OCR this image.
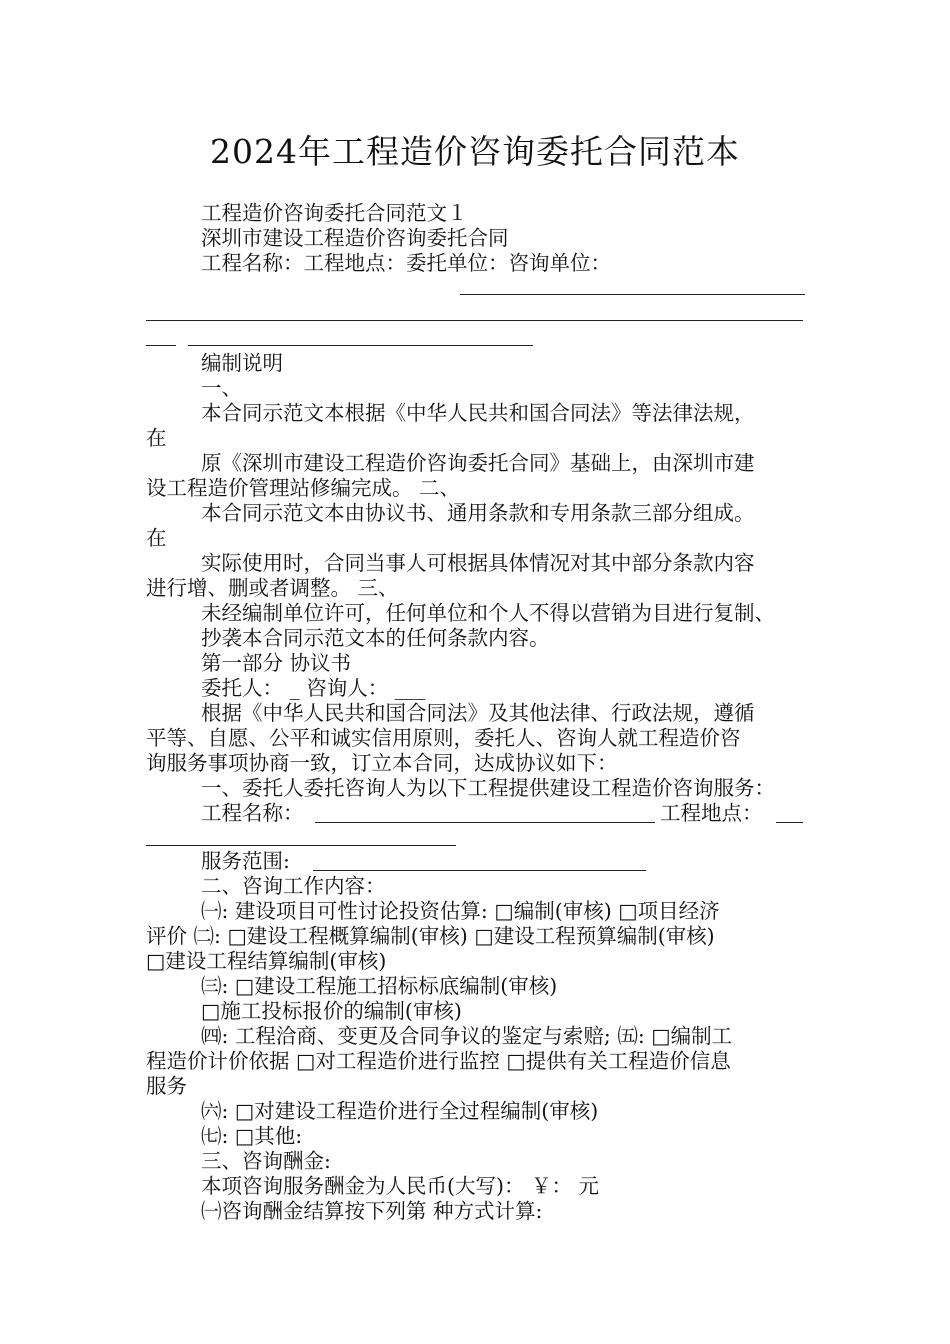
2024年工程造价咨询委托合同范本
工程造价咨询委托合同范文１
深圳市建设工程造价咨询委托合同
工程名称：工程地点：委托单位：咨询单位：
编制说明
一、
本合同示范文本根据《中华人民共和国合同法》等法律法规，
在
原《深圳市建设工程造价咨询委托合同》基础上，由深圳市建
设工程造价管理站修编完成。 二、
本合同示范文本由协议书、通用条款和专用条款三部分组成。
在
实际使用时，合同当事人可根据具体情况对其中部分条款内容
进行增、删或者调整。 三、
未经编制单位许可，任何单位和个人不得以营销为目进行复制、
抄袭本合同示范文本的任何条款内容。
第一部分 协议书
委托人： _ 咨询人： ___
根据《中华人民共和国合同法》及其他法律、行政法规，遵循
平等、自愿、公平和诚实信用原则，委托人、咨询人就工程造价咨
询服务事项协商一致，订立本合同，达成协议如下：
一、委托人委托咨询人为以下工程提供建设工程造价咨询服务：
工程名称：	工程地点：
服务范围:
二、咨询工作内容：
㈠: 建设项目可性讨论投资估算: □编制(审核) □项目经济
评价 ㈡: □建设工程概算编制(审核) □建设工程预算编制(审核)
□建设工程结算编制(审核)
㈢: □建设工程施工招标标底编制(审核)
□施工投标报价的编制(审核)
㈣: 工程洽商、变更及合同争议的鉴定与索赔; ㈤: □编制工
程造价计价依据 □对工程造价进行监控 □提供有关工程造价信息
服务
㈥: □对建设工程造价进行全过程编制(审核)
㈦: □其他:
三、咨询酬金:
本项咨询服务酬金为人民币(大写)： ￥： 元
㈠咨询酬金结算按下列第 种方式计算:
